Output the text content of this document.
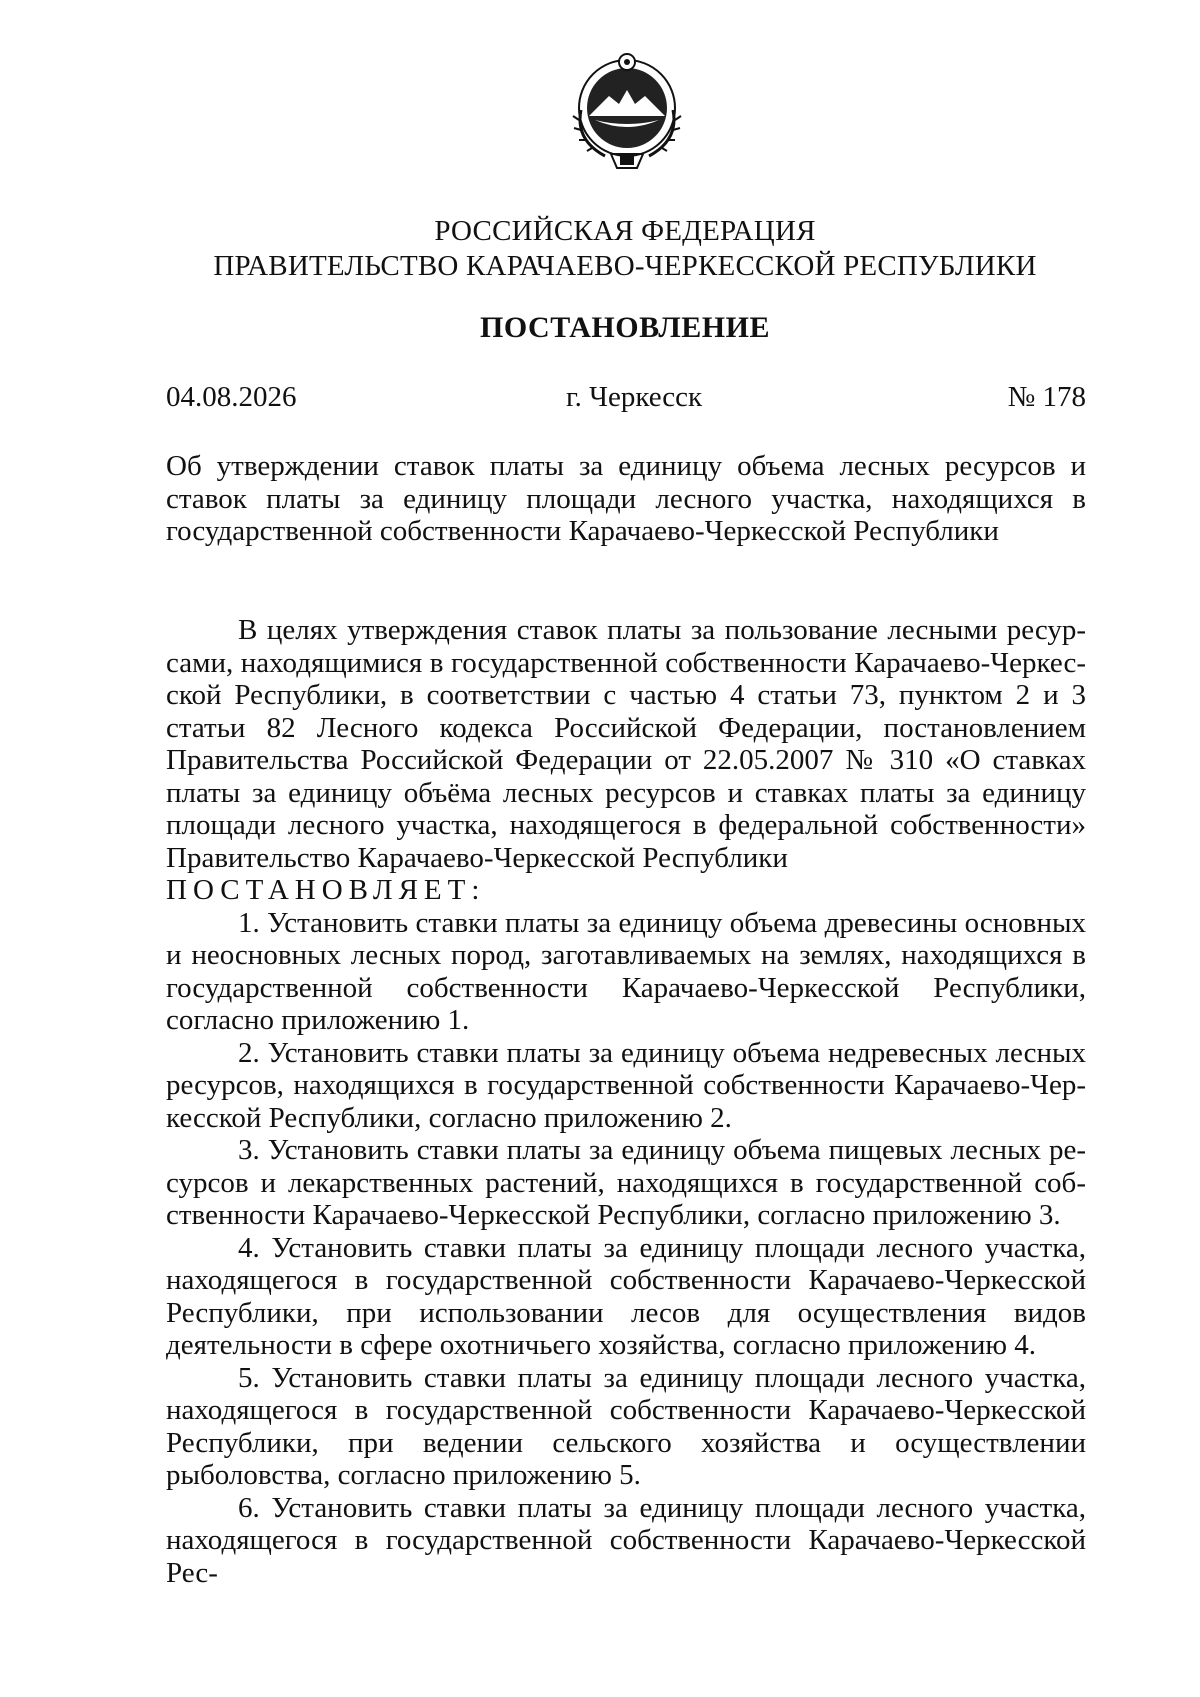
РОССИЙСКАЯ ФЕДЕРАЦИЯ
ПРАВИТЕЛЬСТВО КАРАЧАЕВО-ЧЕРКЕССКОЙ РЕСПУБЛИКИ
ПОСТАНОВЛЕНИЕ
04.08.2026	г. Черкесск	№ 178

Об утверждении ставок платы за единицу объема лесных ресурсов и ставок платы за единицу площади лесного участка, находящихся в государственной собственности Карачаево-Черкесской Республики

В целях утверждения ставок платы за пользование лесными ресурсами, находящимися в государственной собственности Карачаево-Черкесской Республики, в соответствии с частью 4 статьи 73, пунктом 2 и 3 статьи 82 Лесного кодекса Российской Федерации, постановлением Правительства Российской Федерации от 22.05.2007 № 310 «О ставках платы за единицу объёма лесных ресурсов и ставках платы за единицу площади лесного участка, находящегося в федеральной собственности» Правительство Карачаево-Черкесской Республики

ПОСТАНОВЛЯЕТ:

1. Установить ставки платы за единицу объема древесины основных и неосновных лесных пород, заготавливаемых на землях, находящихся в государственной собственности Карачаево-Черкесской Республики, согласно приложению 1.

2. Установить ставки платы за единицу объема недревесных лесных ресурсов, находящихся в государственной собственности Карачаево-Черкесской Республики, согласно приложению 2.

3. Установить ставки платы за единицу объема пищевых лесных ресурсов и лекарственных растений, находящихся в государственной собственности Карачаево-Черкесской Республики, согласно приложению 3.

4. Установить ставки платы за единицу площади лесного участка, находящегося в государственной собственности Карачаево-Черкесской Республики, при использовании лесов для осуществления видов деятельности в сфере охотничьего хозяйства, согласно приложению 4.

5. Установить ставки платы за единицу площади лесного участка, находящегося в государственной собственности Карачаево-Черкесской Республики, при ведении сельского хозяйства и осуществлении рыболовства, согласно приложению 5.

6. Установить ставки платы за единицу площади лесного участка, находящегося в государственной собственности Карачаево-Черкесской Рес-
